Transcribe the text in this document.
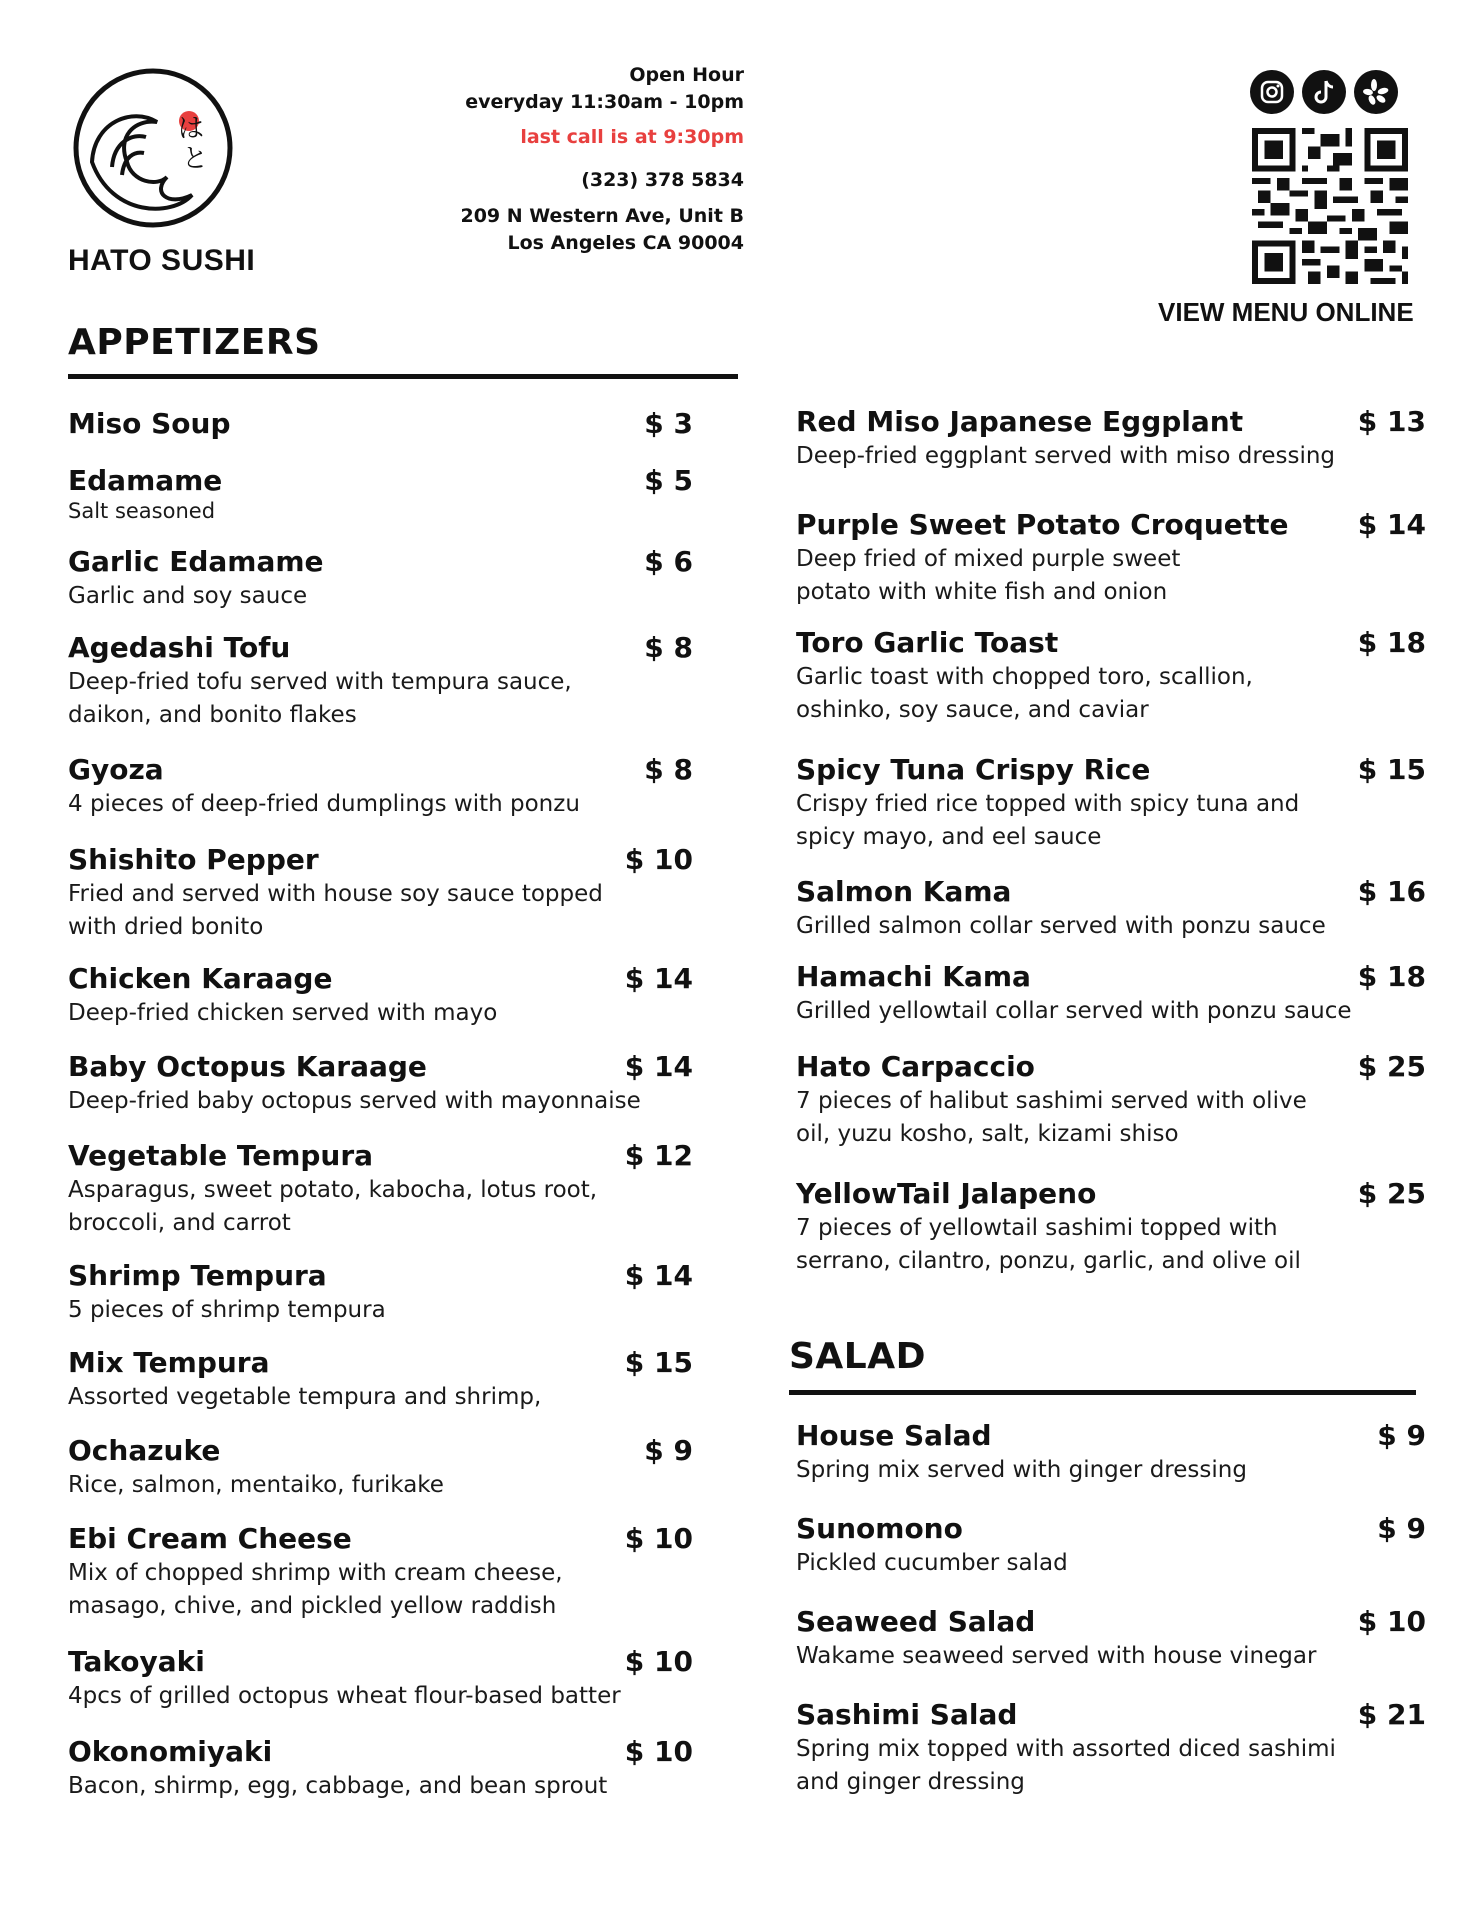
は
と
HATO SUSHI
Open Hour
everyday 11:30am - 10pm
last call is at 9:30pm
(323) 378 5834
209 N Western Ave, Unit B
Los Angeles CA 90004
VIEW MENU ONLINE
APPETIZERS
Miso Soup	$ 3
Edamame	$ 5
Salt seasoned
Garlic Edamame	$ 6
Garlic and soy sauce
Agedashi Tofu	$ 8
Deep-fried tofu served with tempura sauce,
daikon, and bonito flakes
Gyoza	$ 8
4 pieces of deep-fried dumplings with ponzu
Shishito Pepper	$ 10
Fried and served with house soy sauce topped
with dried bonito
Chicken Karaage	$ 14
Deep-fried chicken served with mayo
Baby Octopus Karaage	$ 14
Deep-fried baby octopus served with mayonnaise
Vegetable Tempura	$ 12
Asparagus, sweet potato, kabocha, lotus root,
broccoli, and carrot
Shrimp Tempura	$ 14
5 pieces of shrimp tempura
Mix Tempura	$ 15
Assorted vegetable tempura and shrimp,
Ochazuke	$ 9
Rice, salmon, mentaiko, furikake
Ebi Cream Cheese	$ 10
Mix of chopped shrimp with cream cheese,
masago, chive, and pickled yellow raddish
Takoyaki	$ 10
4pcs of grilled octopus wheat flour-based batter
Okonomiyaki	$ 10
Bacon, shirmp, egg, cabbage, and bean sprout
Red Miso Japanese Eggplant	$ 13
Deep-fried eggplant served with miso dressing
Purple Sweet Potato Croquette	$ 14
Deep fried of mixed purple sweet
potato with white fish and onion
Toro Garlic Toast	$ 18
Garlic toast with chopped toro, scallion,
oshinko, soy sauce, and caviar
Spicy Tuna Crispy Rice	$ 15
Crispy fried rice topped with spicy tuna and
spicy mayo, and eel sauce
Salmon Kama	$ 16
Grilled salmon collar served with ponzu sauce
Hamachi Kama	$ 18
Grilled yellowtail collar served with ponzu sauce
Hato Carpaccio	$ 25
7 pieces of halibut sashimi served with olive
oil, yuzu kosho, salt, kizami shiso
YellowTail Jalapeno	$ 25
7 pieces of yellowtail sashimi topped with
serrano, cilantro, ponzu, garlic, and olive oil
SALAD
House Salad	$ 9
Spring mix served with ginger dressing
Sunomono	$ 9
Pickled cucumber salad
Seaweed Salad	$ 10
Wakame seaweed served with house vinegar
Sashimi Salad	$ 21
Spring mix topped with assorted diced sashimi
and ginger dressing
